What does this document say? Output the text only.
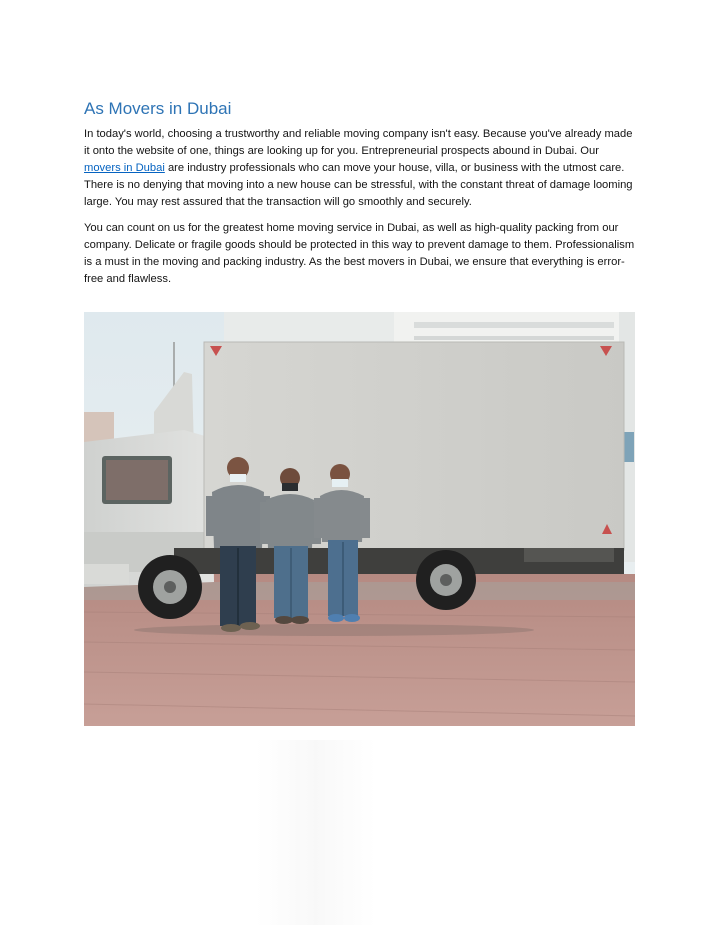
As Movers in Dubai

In today's world, choosing a trustworthy and reliable moving company isn't easy. Because you've already made it onto the website of one, things are looking up for you. Entrepreneurial prospects abound in Dubai. Our movers in Dubai are industry professionals who can move your house, villa, or business with the utmost care. There is no denying that moving into a new house can be stressful, with the constant threat of damage looming large. You may rest assured that the transaction will go smoothly and securely.

You can count on us for the greatest home moving service in Dubai, as well as high-quality packing from our company. Delicate or fragile goods should be protected in this way to prevent damage to them. Professionalism is a must in the moving and packing industry. As the best movers in Dubai, we ensure that everything is error-free and flawless.
